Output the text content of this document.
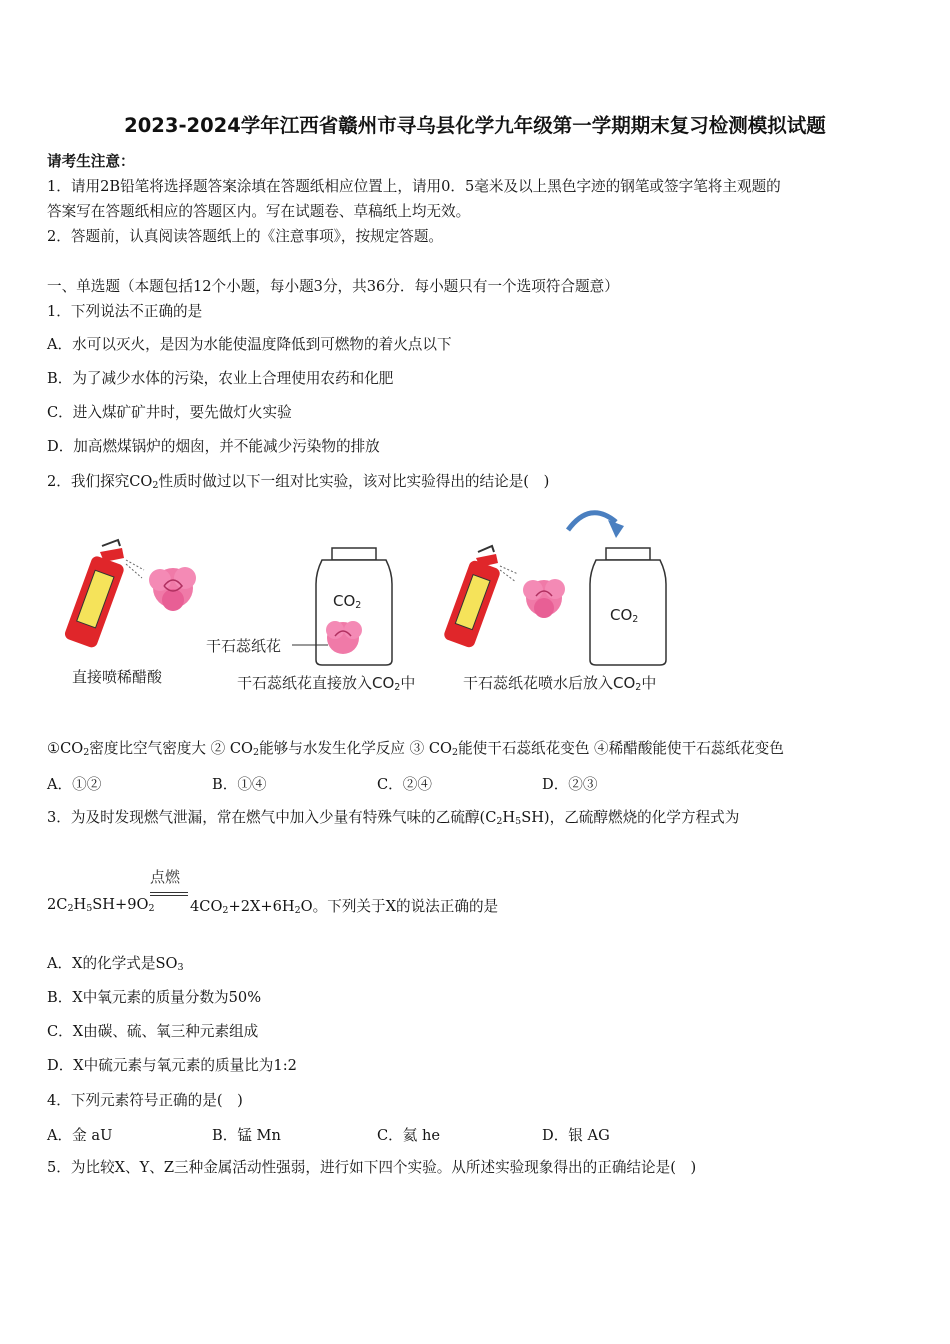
2023-2024学年江西省赣州市寻乌县化学九年级第一学期期末复习检测模拟试题
请考生注意：
1．请用2B铅笔将选择题答案涂填在答题纸相应位置上，请用0．5毫米及以上黑色字迹的钢笔或签字笔将主观题的
答案写在答题纸相应的答题区内。写在试题卷、草稿纸上均无效。
2．答题前，认真阅读答题纸上的《注意事项》，按规定答题。
一、单选题（本题包括12个小题，每小题3分，共36分．每小题只有一个选项符合题意）
1．下列说法不正确的是
A．水可以灭火，是因为水能使温度降低到可燃物的着火点以下
B．为了减少水体的污染，农业上合理使用农药和化肥
C．进入煤矿矿井时，要先做灯火实验
D．加高燃煤锅炉的烟囱，并不能减少污染物的排放
2．我们探究$CO_2$性质时做过以下一组对比实验，该对比实验得出的结论是(　)
$CO_2$
$CO_2$
干石蕊纸花
直接喷稀醋酸	干石蕊纸花直接放入$CO_2$中	干石蕊纸花喷水后放入$CO_2$中
$①CO_2$密度比空气密度大 ② $CO_2$能够与水发生化学反应 ③ $CO_2$能使干石蕊纸花变色 ④稀醋酸能使干石蕊纸花变色
A．①②	B．①④	C．②④	D．②③
3．为及时发现燃气泄漏，常在燃气中加入少量有特殊气味的乙硫醇$(C_2H_5SH)$，乙硫醇燃烧的化学方程式为
点燃
$2C_2H_5SH+9O_2$ $4CO_2+2X+6H_2O$。下列关于X的说法正确的是
A．X的化学式是$SO_3$
B．X中氧元素的质量分数为50%
C．X由碳、硫、氧三种元素组成
D．X中硫元素与氧元素的质量比为1:2
4．下列元素符号正确的是(　)
A．金 aU	B．锰 Mn	C．氦 he	D．银 AG
5．为比较X、Y、Z三种金属活动性强弱，进行如下四个实验。从所述实验现象得出的正确结论是(　)
